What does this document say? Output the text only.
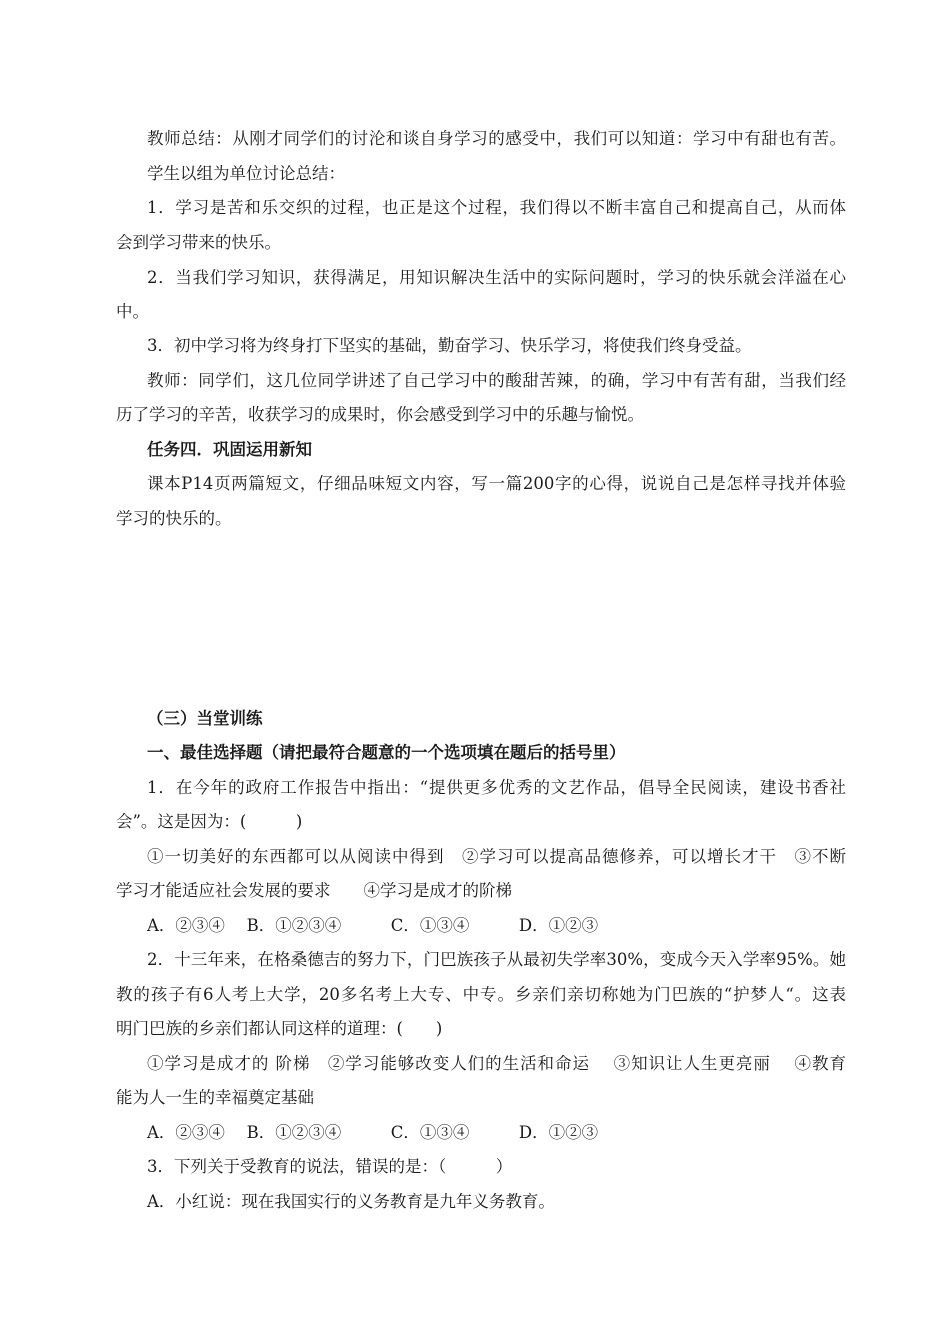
教师总结：从刚才同学们的讨沦和谈自身学习的感受中，我们可以知道：学习中有甜也有苦。
学生以组为单位讨论总结：
1．学习是苦和乐交织的过程，也正是这个过程，我们得以不断丰富自己和提高自己，从而体
会到学习带来的快乐。
2．当我们学习知识，获得满足，用知识解决生活中的实际问题时，学习的快乐就会洋溢在心
中。
3．初中学习将为终身打下坚实的基础，勤奋学习、快乐学习，将使我们终身受益。
教师：同学们，这几位同学讲述了自己学习中的酸甜苦辣，的确，学习中有苦有甜，当我们经
历了学习的辛苦，收获学习的成果时，你会感受到学习中的乐趣与愉悦。
任务四．巩固运用新知
课本P14页两篇短文，仔细品味短文内容，写一篇200字的心得，说说自己是怎样寻找并体验
学习的快乐的。
（三）当堂训练
一、最佳选择题（请把最符合题意的一个选项填在题后的括号里）
1．在今年的政府工作报告中指出：“提供更多优秀的文艺作品，倡导全民阅读，建设书香社
会”。这是因为：(　　　)
①一切美好的东西都可以从阅读中得到　②学习可以提高品德修养，可以增长才干　③不断
学习才能适应社会发展的要求　　④学习是成才的阶梯
A．②③④　 B．①②③④　　　C．①③④　　　D．①②③
2．十三年来，在格桑德吉的努力下，门巴族孩子从最初失学率30%，变成今天入学率95%。她
教的孩子有6人考上大学，20多名考上大专、中专。乡亲们亲切称她为门巴族的“护梦人“。这表
明门巴族的乡亲们都认同这样的道理：(　　)
①学习是成才的 阶梯　②学习能够改变人们的生活和命运　 ③知识让人生更亮丽　 ④教育
能为人一生的幸福奠定基础
A．②③④　 B．①②③④　　　C．①③④　　　D．①②③
3．下列关于受教育的说法，错误的是：（　　　）
A．小红说：现在我国实行的义务教育是九年义务教育。
